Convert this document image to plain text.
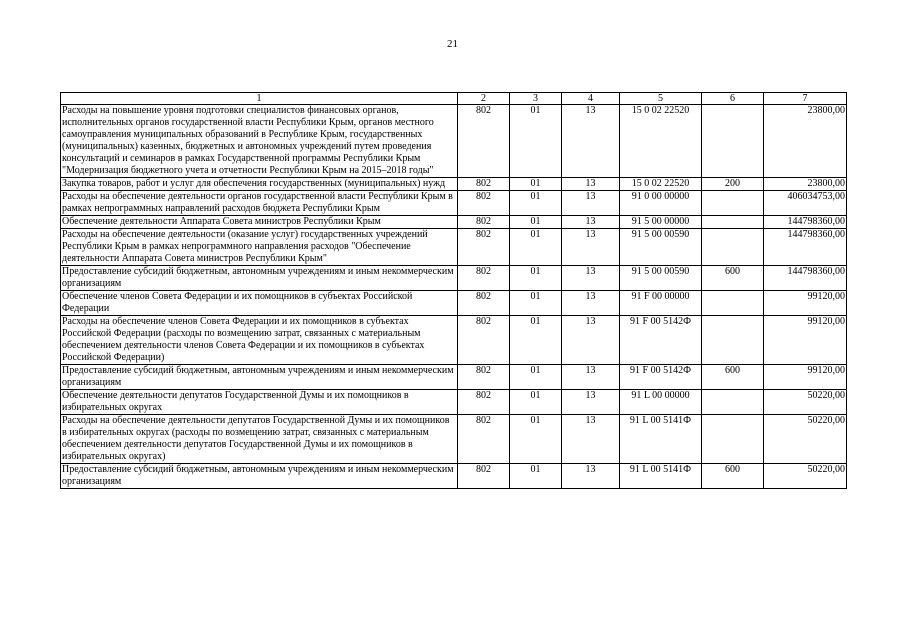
21
1	2	3	4	5	6	7
Расходы на повышение уровня подготовки специалистов финансовых органов, исполнительных органов государственной власти Республики Крым, органов местного самоуправления муниципальных образований в Республике Крым, государственных (муниципальных) казенных, бюджетных и автономных учреждений путем проведения консультаций и семинаров в рамках Государственной программы Республики Крым "Модернизация бюджетного учета и отчетности Республики Крым на 2015–2018 годы"	802	01	13	15 0 02 22520		23800,00

Закупка товаров, работ и услуг для обеспечения государственных (муниципальных) нужд	802	01	13	15 0 02 22520	200	23800,00

Расходы на обеспечение деятельности органов государственной власти Республики Крым в рамках непрограммных направлений расходов бюджета Республики Крым	802	01	13	91 0 00 00000		406034753,00

Обеспечение деятельности Аппарата Совета министров Республики Крым	802	01	13	91 5 00 00000		144798360,00

Расходы на обеспечение деятельности (оказание услуг) государственных учреждений Республики Крым в рамках непрограммного направления расходов "Обеспечение деятельности Аппарата Совета министров Республики Крым"	802	01	13	91 5 00 00590		144798360,00

Предоставление субсидий бюджетным, автономным учреждениям и иным некоммерческим организациям	802	01	13	91 5 00 00590	600	144798360,00

Обеспечение членов Совета Федерации и их помощников в субъектах Российской Федерации	802	01	13	91 F 00 00000		99120,00

Расходы на обеспечение членов Совета Федерации и их помощников в субъектах Российской Федерации (расходы по возмещению затрат, связанных с материальным обеспечением деятельности членов Совета Федерации и их помощников в субъектах Российской Федерации)	802	01	13	91 F 00 5142Ф		99120,00

Предоставление субсидий бюджетным, автономным учреждениям и иным некоммерческим организациям	802	01	13	91 F 00 5142Ф	600	99120,00

Обеспечение деятельности депутатов Государственной Думы и их помощников в избирательных округах	802	01	13	91 L 00 00000		50220,00

Расходы на обеспечение деятельности депутатов Государственной Думы и их помощников в избирательных округах (расходы по возмещению затрат, связанных с материальным обеспечением деятельности депутатов Государственной Думы и их помощников в избирательных округах)	802	01	13	91 L 00 5141Ф		50220,00

Предоставление субсидий бюджетным, автономным учреждениям и иным некоммерческим организациям	802	01	13	91 L 00 5141Ф	600	50220,00
